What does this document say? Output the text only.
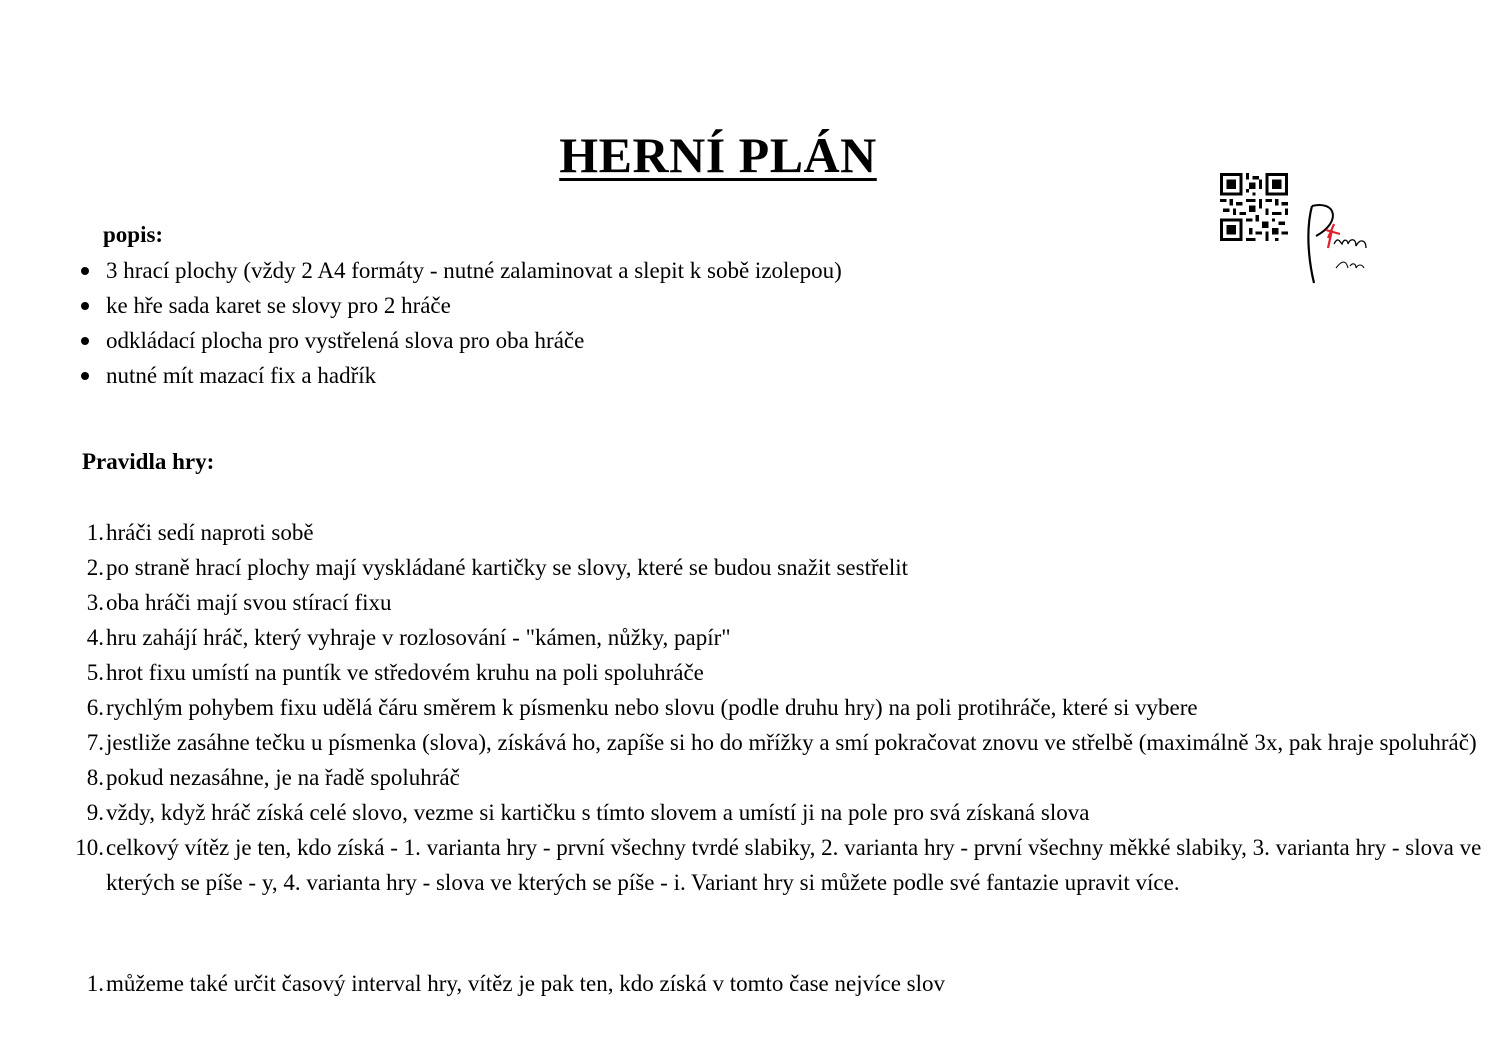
HERNÍ PLÁN
popis:
3 hrací plochy (vždy 2 A4 formáty - nutné zalaminovat a slepit k sobě izolepou)
ke hře sada karet se slovy pro 2 hráče
odkládací plocha pro vystřelená slova pro oba hráče
nutné mít mazací fix a hadřík
Pravidla hry:
1. hráči sedí naproti sobě
2. po straně hrací plochy mají vyskládané kartičky se slovy, které se budou snažit sestřelit
3. oba hráči mají svou stírací fixu
4. hru zahájí hráč, který vyhraje v rozlosování - "kámen, nůžky, papír"
5. hrot fixu umístí na puntík ve středovém kruhu na poli spoluhráče
6. rychlým pohybem fixu udělá čáru směrem k písmenku nebo slovu (podle druhu hry) na poli protihráče, které si vybere
7. jestliže zasáhne tečku u písmenka (slova), získává ho, zapíše si ho do mřížky a smí pokračovat znovu ve střelbě (maximálně 3x, pak hraje spoluhráč)
8. pokud nezasáhne, je na řadě spoluhráč
9. vždy, když hráč získá celé slovo, vezme si kartičku s tímto slovem a umístí ji na pole pro svá získaná slova
10. celkový vítěz je ten, kdo získá - 1. varianta hry - první všechny tvrdé slabiky, 2. varianta hry - první všechny měkké slabiky, 3. varianta hry - slova ve kterých se píše - y, 4. varianta hry - slova ve kterých se píše - i. Variant hry si můžete podle své fantazie upravit více.
1. můžeme také určit časový interval hry, vítěz je pak ten, kdo získá v tomto čase nejvíce slov
